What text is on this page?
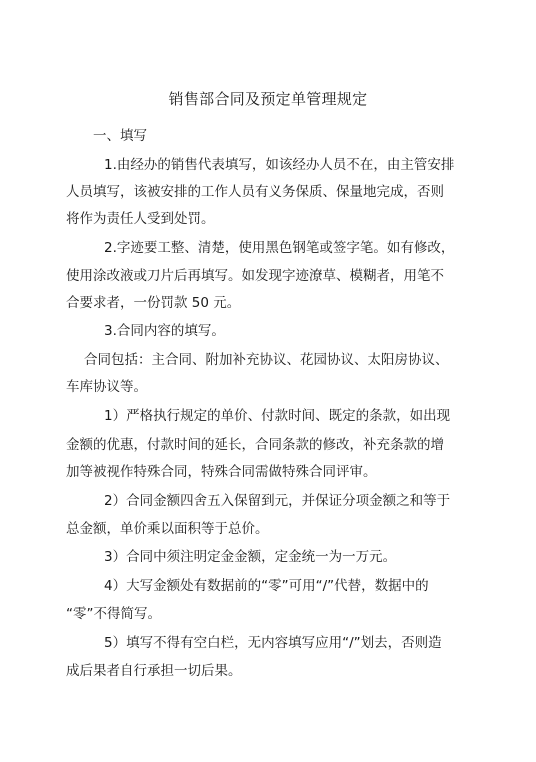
销售部合同及预定单管理规定
一、填写
1.由经办的销售代表填写，如该经办人员不在，由主管安排
人员填写，该被安排的工作人员有义务保质、保量地完成，否则
将作为责任人受到处罚。
2.字迹要工整、清楚，使用黑色钢笔或签字笔。如有修改，
使用涂改液或刀片后再填写。如发现字迹潦草、模糊者，用笔不
合要求者，一份罚款 50 元。
3.合同内容的填写。
合同包括：主合同、附加补充协议、花园协议、太阳房协议、
车库协议等。
1）严格执行规定的单价、付款时间、既定的条款，如出现
金额的优惠，付款时间的延长，合同条款的修改，补充条款的增
加等被视作特殊合同，特殊合同需做特殊合同评审。
2）合同金额四舍五入保留到元，并保证分项金额之和等于
总金额，单价乘以面积等于总价。
3）合同中须注明定金金额，定金统一为一万元。
4）大写金额处有数据前的“零”可用“/”代替，数据中的
“零”不得简写。
5）填写不得有空白栏，无内容填写应用“/”划去，否则造
成后果者自行承担一切后果。
